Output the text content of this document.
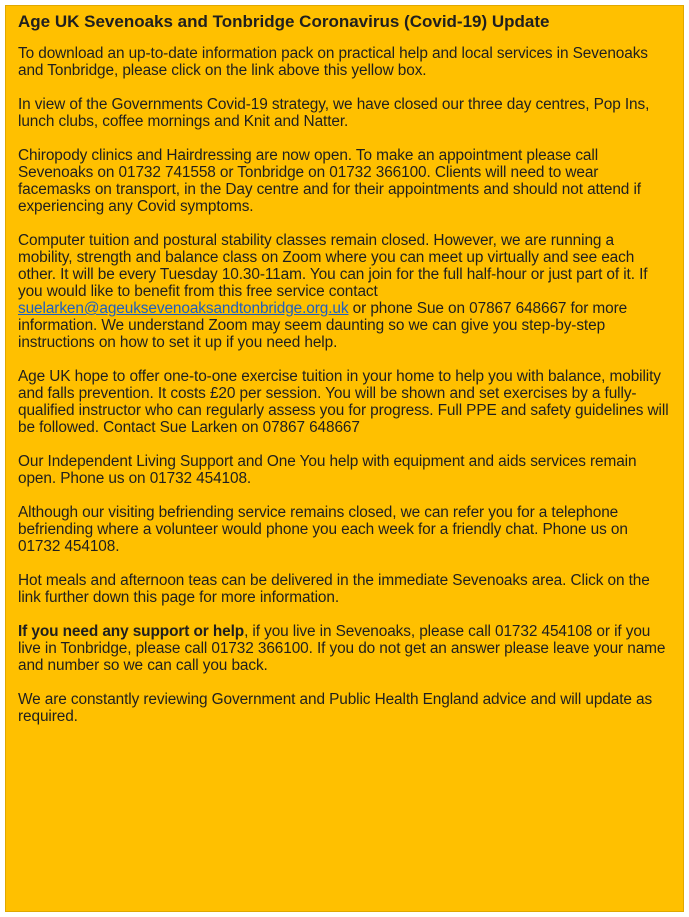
Age UK Sevenoaks and Tonbridge Coronavirus (Covid-19) Update

To download an up-to-date information pack on practical help and local services in Sevenoaks and Tonbridge, please click on the link above this yellow box.

In view of the Governments Covid-19 strategy, we have closed our three day centres, Pop Ins, lunch clubs, coffee mornings and Knit and Natter.

Chiropody clinics and Hairdressing are now open. To make an appointment please call Sevenoaks on 01732 741558 or Tonbridge on 01732 366100. Clients will need to wear facemasks on transport, in the Day centre and for their appointments and should not attend if experiencing any Covid symptoms.

Computer tuition and postural stability classes remain closed. However, we are running a mobility, strength and balance class on Zoom where you can meet up virtually and see each other. It will be every Tuesday 10.30-11am. You can join for the full half-hour or just part of it. If you would like to benefit from this free service contact suelarken@ageuksevenoaksandtonbridge.org.uk or phone Sue on 07867 648667 for more information. We understand Zoom may seem daunting so we can give you step-by-step instructions on how to set it up if you need help.

Age UK hope to offer one-to-one exercise tuition in your home to help you with balance, mobility and falls prevention. It costs £20 per session. You will be shown and set exercises by a fully-qualified instructor who can regularly assess you for progress. Full PPE and safety guidelines will be followed. Contact Sue Larken on 07867 648667

Our Independent Living Support and One You help with equipment and aids services remain open. Phone us on 01732 454108.

Although our visiting befriending service remains closed, we can refer you for a telephone befriending where a volunteer would phone you each week for a friendly chat. Phone us on 01732 454108.

Hot meals and afternoon teas can be delivered in the immediate Sevenoaks area. Click on the link further down this page for more information.

If you need any support or help, if you live in Sevenoaks, please call 01732 454108 or if you live in Tonbridge, please call 01732 366100. If you do not get an answer please leave your name and number so we can call you back.

We are constantly reviewing Government and Public Health England advice and will update as required.
